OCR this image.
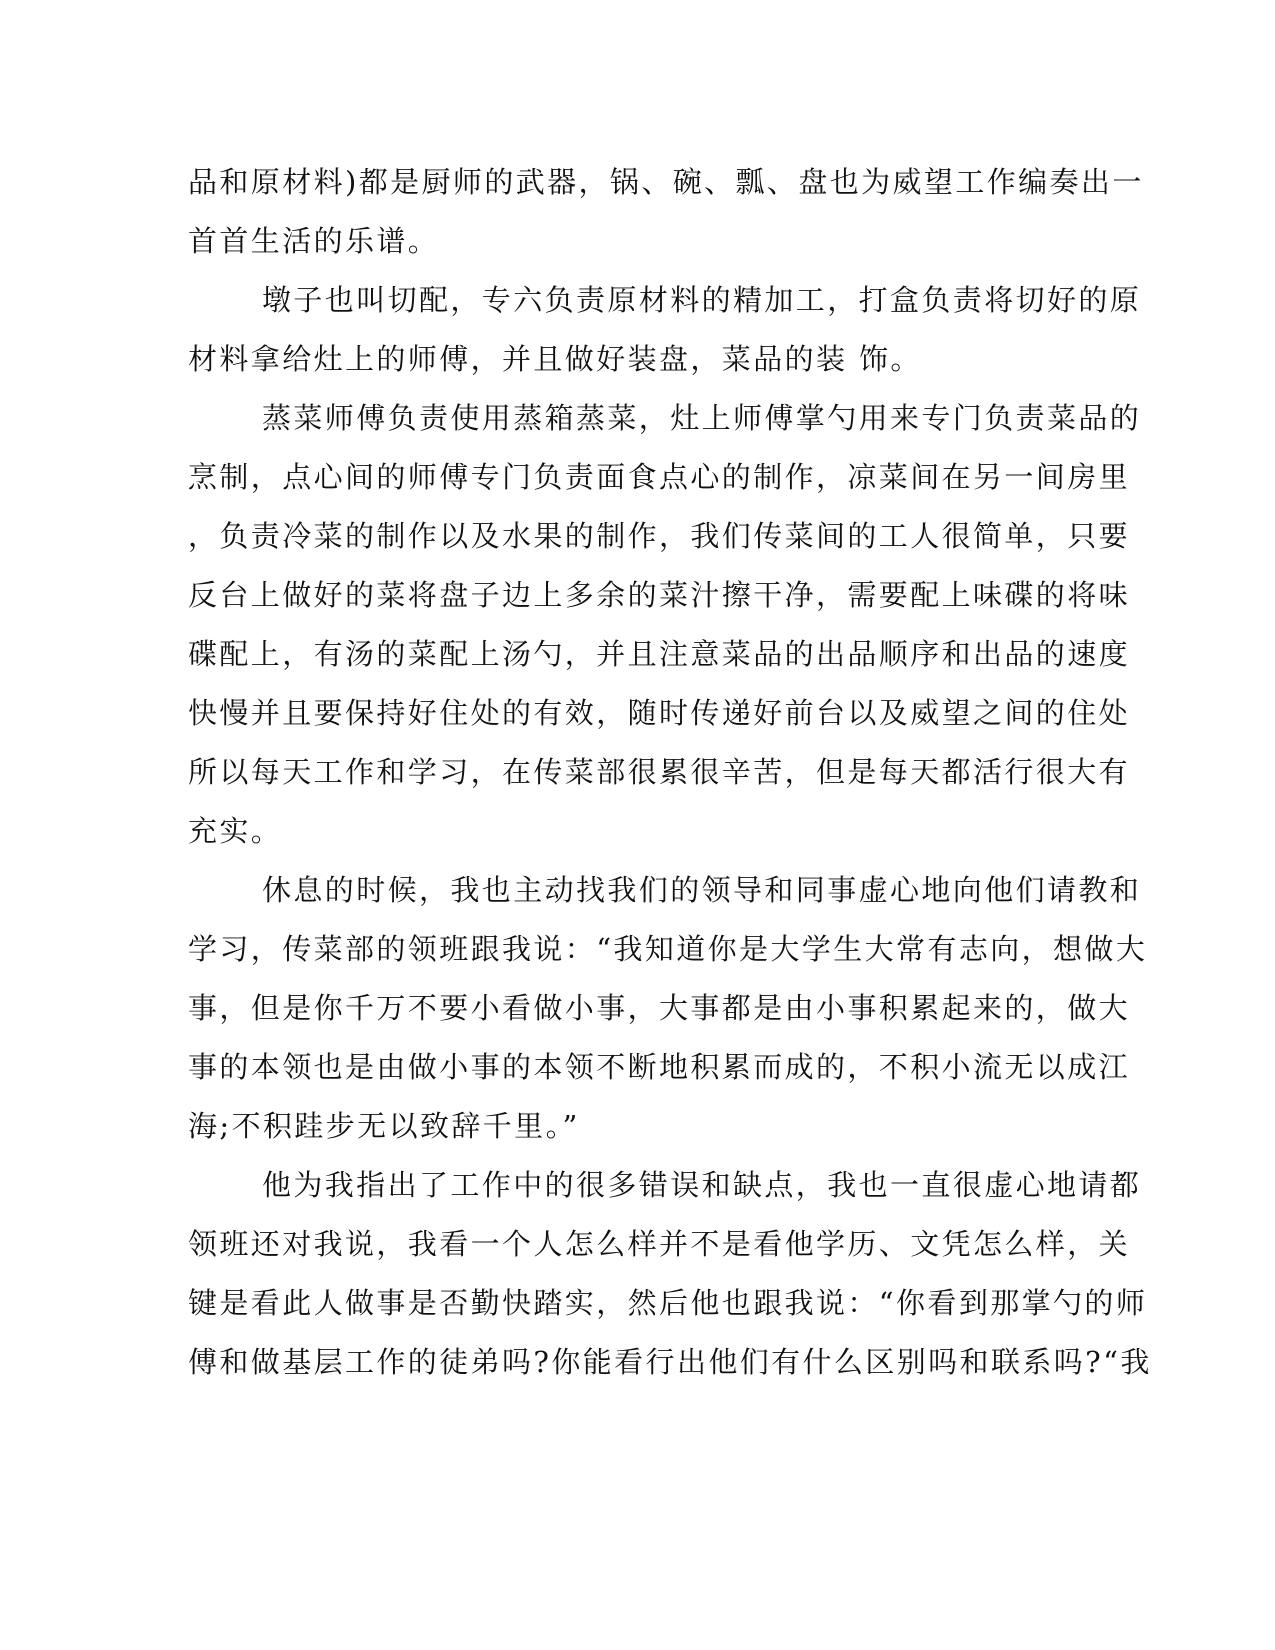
品和原材料)都是厨师的武器，锅、碗、瓢、盘也为威望工作编奏出一
首首生活的乐谱。
墩子也叫切配，专六负责原材料的精加工，打盒负责将切好的原
材料拿给灶上的师傅，并且做好装盘，菜品的装 饰。
蒸菜师傅负责使用蒸箱蒸菜，灶上师傅掌勺用来专门负责菜品的
烹制，点心间的师傅专门负责面食点心的制作，凉菜间在另一间房里
，负责冷菜的制作以及水果的制作，我们传菜间的工人很简单，只要
反台上做好的菜将盘子边上多余的菜汁擦干净，需要配上味碟的将味
碟配上，有汤的菜配上汤勺，并且注意菜品的出品顺序和出品的速度
快慢并且要保持好住处的有效，随时传递好前台以及威望之间的住处
所以每天工作和学习，在传菜部很累很辛苦，但是每天都活行很大有
充实。
休息的时候，我也主动找我们的领导和同事虚心地向他们请教和
学习，传菜部的领班跟我说：“我知道你是大学生大常有志向，想做大
事，但是你千万不要小看做小事，大事都是由小事积累起来的，做大
事的本领也是由做小事的本领不断地积累而成的，不积小流无以成江
海;不积跬步无以致辞千里。”
他为我指出了工作中的很多错误和缺点，我也一直很虚心地请都
领班还对我说，我看一个人怎么样并不是看他学历、文凭怎么样，关
键是看此人做事是否勤快踏实，然后他也跟我说：“你看到那掌勺的师
傅和做基层工作的徒弟吗?你能看行出他们有什么区别吗和联系吗?“我
